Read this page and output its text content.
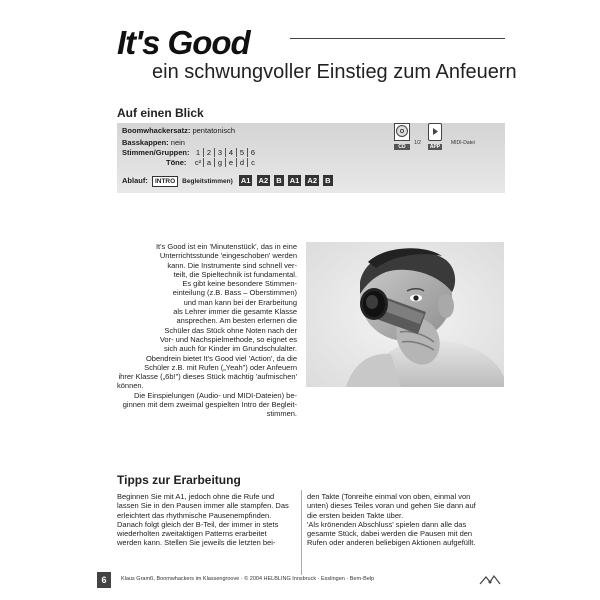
It's Good
ein schwungvoller Einstieg zum Anfeuern
Auf einen Blick
Boomwhackersatz: pentatonisch
Basskappen: nein
Stimmen/Gruppen: 1 2 3 4 5 6
Töne: c² a g e d c
Ablauf: INTRO Begleitstimmen) A1 A2 B A1 A2 B
CD
1/2
APP
MIDI-Datei

It's Good ist ein 'Minutenstück', das in eine

Unterrichtsstunde 'eingeschoben' werden

kann. Die Instrumente sind schnell ver-

teilt, die Spieltechnik ist fundamental.

Es gibt keine besondere Stimmen-

einteilung (z.B. Bass – Oberstimmen)

und man kann bei der Erarbeitung

als Lehrer immer die gesamte Klasse

ansprechen. Am besten erlernen die

Schüler das Stück ohne Noten nach der

Vor- und Nachspielmethode, so eignet es

sich auch für Kinder im Grundschulalter.

Obendrein bietet It's Good viel 'Action', da die

Schüler z.B. mit Rufen („Yeah") oder Anfeuern

ihrer Klasse („6b!") dieses Stück mächtig 'aufmischen'

können.

Die Einspielungen (Audio- und MIDI-Dateien) be-

ginnen mit dem zweimal gespielten Intro der Begleit-

stimmen.

Tipps zur Erarbeitung

Beginnen Sie mit A1, jedoch ohne die Rufe und

lassen Sie in den Pausen immer alle stampfen. Das

erleichtert das rhythmische Pausenempfinden.

Danach folgt gleich der B-Teil, der immer in stets

wiederholten zweitaktigen Patterns erarbeitet

werden kann. Stellen Sie jeweils die letzten bei-

den Takte (Tonreihe einmal von oben, einmal von

unten) dieses Teiles voran und gehen Sie dann auf

die ersten beiden Takte über.

'Als krönenden Abschluss' spielen dann alle das

gesamte Stück, dabei werden die Pausen mit den

Rufen oder anderen beliebigen Aktionen aufgefüllt.

6	Klaus Gramß, Boomwhackers im Klassengroove · © 2004 HELBLING Innsbruck · Esslingen · Bern-Belp
